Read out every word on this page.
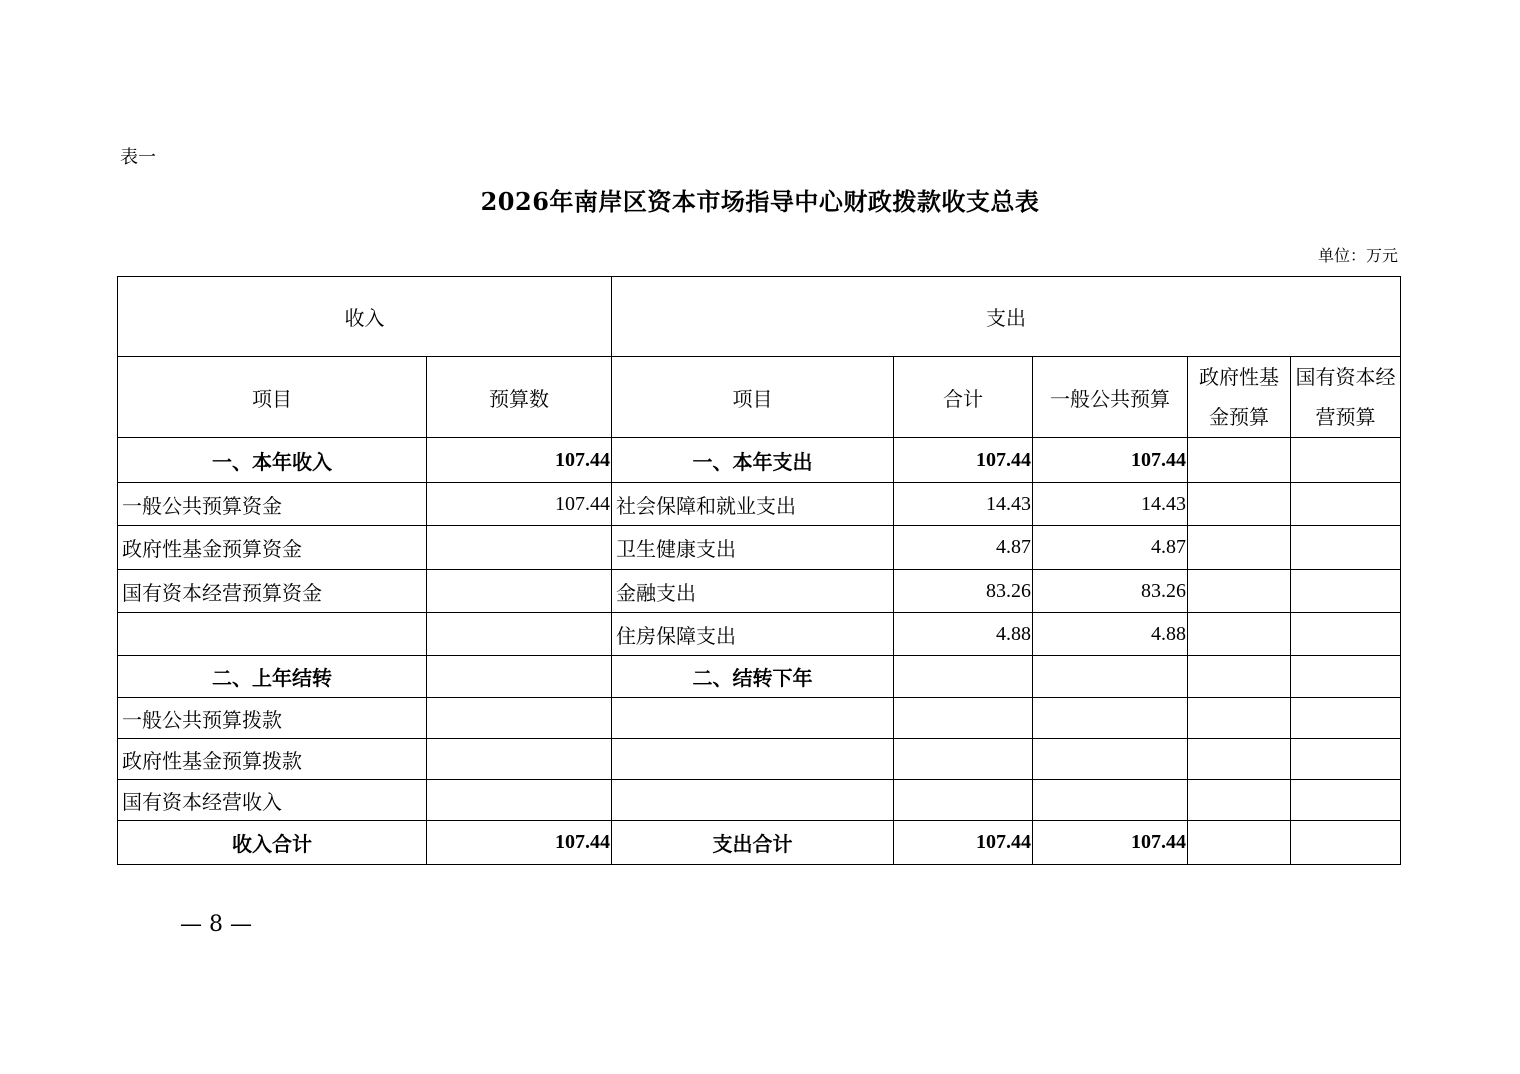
表一
2026年南岸区资本市场指导中心财政拨款收支总表
单位：万元
收入		支出				
项目	预算数	项目	合计	一般公共预算	政府性基金预算	国有资本经营预算
一、本年收入	107.44	一、本年支出	107.44	107.44		
一般公共预算资金	107.44	社会保障和就业支出	14.43	14.43		
政府性基金预算资金		卫生健康支出	4.87	4.87		
国有资本经营预算资金		金融支出	83.26	83.26		
		住房保障支出	4.88	4.88		
二、上年结转		二、结转下年				
一般公共预算拨款						
政府性基金预算拨款						
国有资本经营收入						
收入合计	107.44	支出合计	107.44	107.44		
— 8 —
